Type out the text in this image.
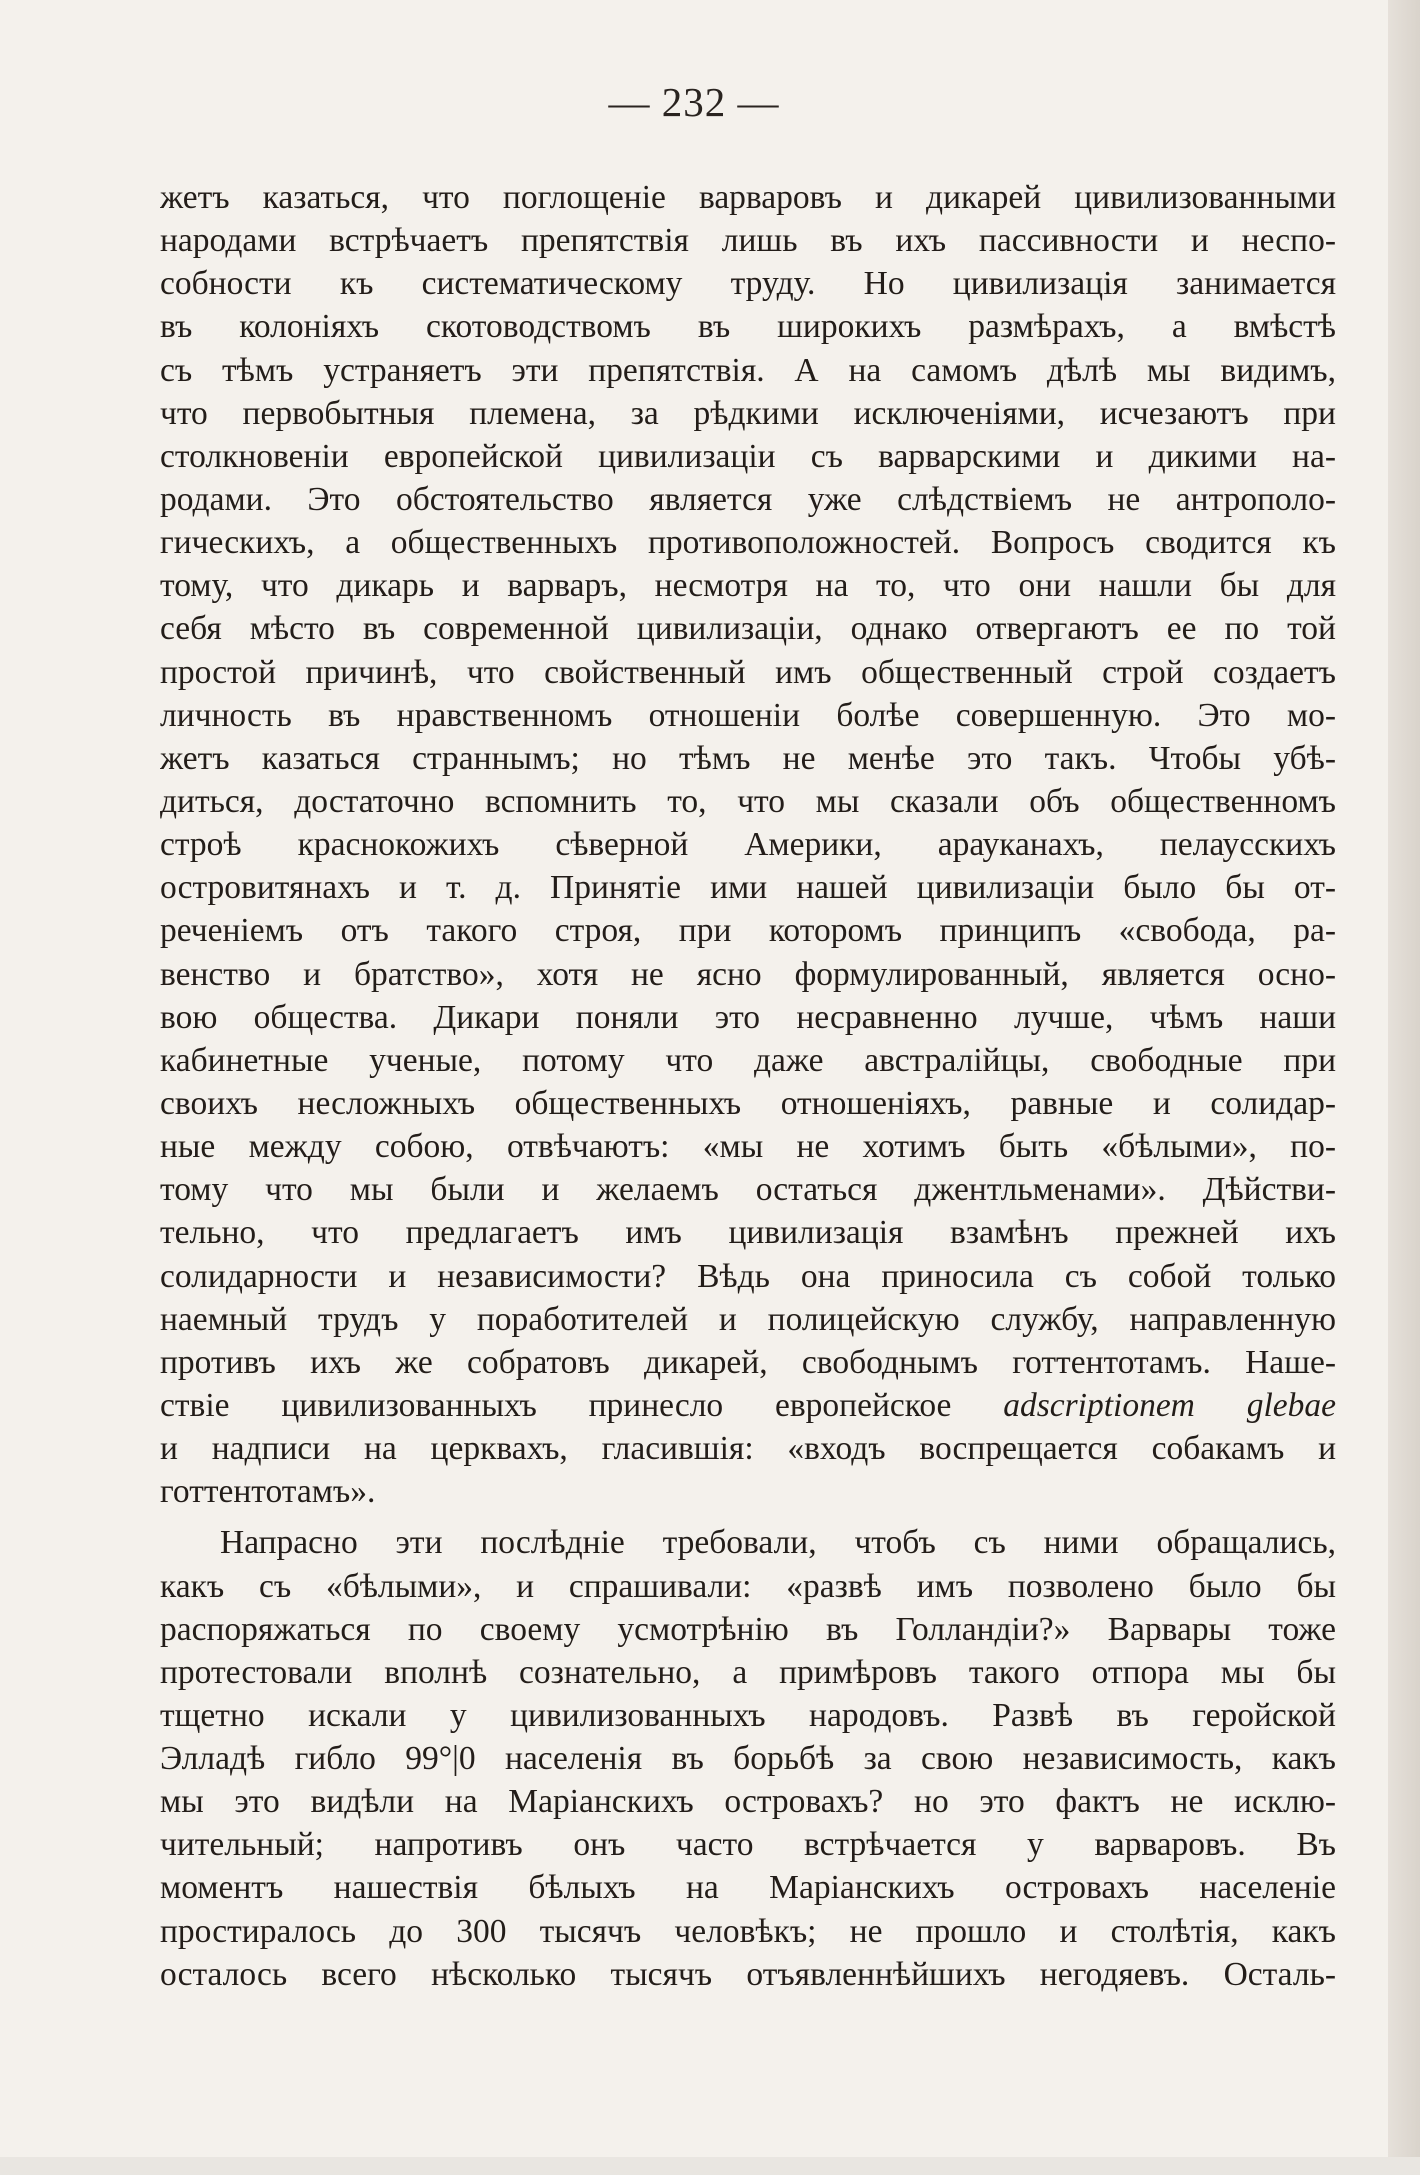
— 232 —
жетъ казаться, что поглощенiе варваровъ и дикарей цивилизованными
народами встрѣчаетъ препятствiя лишь въ ихъ пассивности и неспо-
собности къ систематическому труду. Но цивилизацiя занимается
въ колонiяхъ скотоводствомъ въ широкихъ размѣрахъ, а вмѣстѣ
съ тѣмъ устраняетъ эти препятствiя. А на самомъ дѣлѣ мы видимъ,
что первобытныя племена, за рѣдкими исключенiями, исчезаютъ при
столкновенiи европейской цивилизацiи съ варварскими и дикими на-
родами. Это обстоятельство является уже слѣдствiемъ не антрополо-
гическихъ, а общественныхъ противоположностей. Вопросъ сводится къ
тому, что дикарь и варваръ, несмотря на то, что они нашли бы для
себя мѣсто въ современной цивилизацiи, однако отвергаютъ ее по той
простой причинѣ, что свойственный имъ общественный строй создаетъ
личность въ нравственномъ отношенiи болѣе совершенную. Это мо-
жетъ казаться страннымъ; но тѣмъ не менѣе это такъ. Чтобы убѣ-
диться, достаточно вспомнить то, что мы сказали объ общественномъ
строѣ краснокожихъ сѣверной Америки, арауканахъ, пелаусскихъ
островитянахъ и т. д. Принятiе ими нашей цивилизацiи было бы от-
реченiемъ отъ такого строя, при которомъ принципъ «свобода, ра-
венство и братство», хотя не ясно формулированный, является осно-
вою общества. Дикари поняли это несравненно лучше, чѣмъ наши
кабинетные ученые, потому что даже австралiйцы, свободные при
своихъ несложныхъ общественныхъ отношенiяхъ, равные и солидар-
ные между собою, отвѣчаютъ: «мы не хотимъ быть «бѣлыми», по-
тому что мы были и желаемъ остаться джентльменами». Дѣйстви-
тельно, что предлагаетъ имъ цивилизацiя взамѣнъ прежней ихъ
солидарности и независимости? Вѣдь она приносила съ собой только
наемный трудъ у поработителей и полицейскую службу, направленную
противъ ихъ же собратовъ дикарей, свободнымъ готтентотамъ. Наше-
ствiе цивилизованныхъ принесло европейское adscriptionem glebae
и надписи на церквахъ, гласившiя: «входъ воспрещается собакамъ и
готтентотамъ».
Напрасно эти послѣднiе требовали, чтобъ съ ними обращались,
какъ съ «бѣлыми», и спрашивали: «развѣ имъ позволено было бы
распоряжаться по своему усмотрѣнiю въ Голландiи?» Варвары тоже
протестовали вполнѣ сознательно, а примѣровъ такого отпора мы бы
тщетно искали у цивилизованныхъ народовъ. Развѣ въ геройской
Элладѣ гибло 99°|0 населенiя въ борьбѣ за свою независимость, какъ
мы это видѣли на Марiанскихъ островахъ? но это фактъ не исклю-
чительный; напротивъ онъ часто встрѣчается у варваровъ. Въ
моментъ нашествiя бѣлыхъ на Марiанскихъ островахъ населенiе
простиралось до 300 тысячъ человѣкъ; не прошло и столѣтiя, какъ
осталось всего нѣсколько тысячъ отъявленнѣйшихъ негодяевъ. Осталь-
